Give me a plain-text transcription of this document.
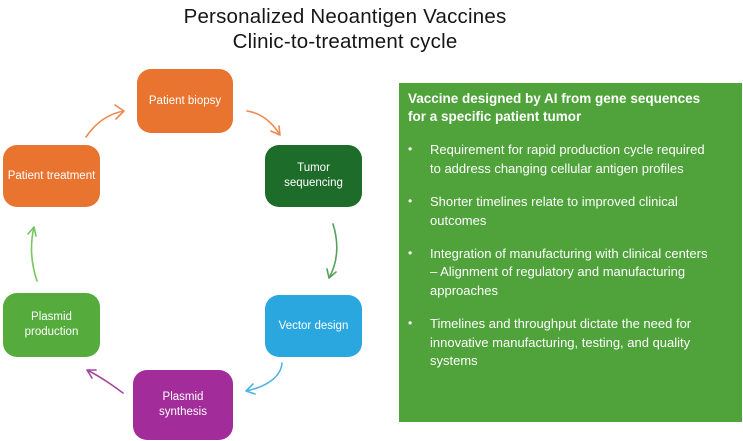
Personalized Neoantigen Vaccines
Clinic-to-treatment cycle
Patient biopsy
Tumor sequencing
Vector design
Plasmid synthesis
Plasmid production
Patient treatment
Vaccine designed by AI from gene sequences for a specific patient tumor
•	Requirement for rapid production cycle required to address changing cellular antigen profiles
•	Shorter timelines relate to improved clinical outcomes
•	Integration of manufacturing with clinical centers – Alignment of regulatory and manufacturing approaches
•	Timelines and throughput dictate the need for innovative manufacturing, testing, and quality systems
